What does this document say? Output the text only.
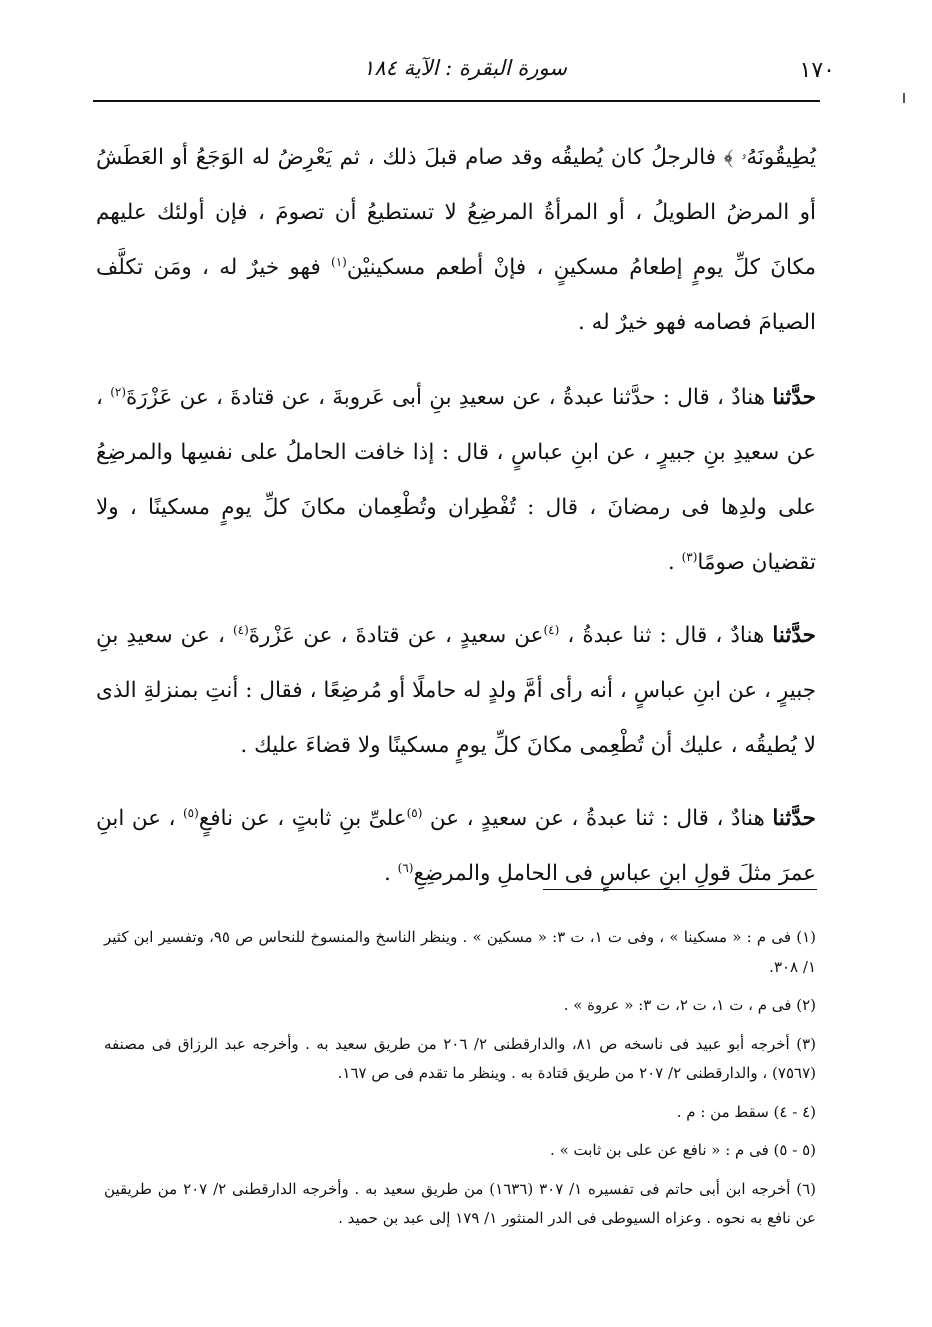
١٧٠
سورة البقرة : الآية ١٨٤

يُطِيقُونَهُۥ ﴾ فالرجلُ كان يُطيقُه وقد صام قبلَ ذلك ، ثم يَعْرِضُ له الوَجَعُ أو العَطَشُ أو المرضُ الطويلُ ، أو المرأةُ المرضِعُ لا تستطيعُ أن تصومَ ، فإن أولئك عليهم مكانَ كلِّ يومٍ إطعامُ مسكينٍ ، فإنْ أطعم مسكينيْن$^{(١)}$ فهو خيرٌ له ، ومَن تكلَّف الصيامَ فصامه فهو خيرٌ له .

حدَّثنا هنادٌ ، قال : حدَّثنا عبدةُ ، عن سعيدِ بنِ أبى عَروبةَ ، عن قتادةَ ، عن عَزْرَةَ$^{(٢)}$ ، عن سعيدِ بنِ جبيرٍ ، عن ابنِ عباسٍ ، قال : إذا خافت الحاملُ على نفسِها والمرضِعُ على ولدِها فى رمضانَ ، قال : تُفْطِران وتُطْعِمان مكانَ كلِّ يومٍ مسكينًا ، ولا تقضيان صومًا$^{(٣)}$ .

حدَّثنا هنادٌ ، قال : ثنا عبدةُ ، $^{(٤)}$عن سعيدٍ ، عن قتادةَ ، عن عَزْرةَ$^{(٤)}$ ، عن سعيدِ بنِ جبيرٍ ، عن ابنِ عباسٍ ، أنه رأى أمَّ ولدٍ له حاملًا أو مُرضِعًا ، فقال : أنتِ بمنزلةِ الذى لا يُطيقُه ، عليك أن تُطْعِمى مكانَ كلِّ يومٍ مسكينًا ولا قضاءَ عليك .

حدَّثنا هنادٌ ، قال : ثنا عبدةُ ، عن سعيدٍ ، عن $^{(٥)}$علىِّ بنِ ثابتٍ ، عن نافعٍ$^{(٥)}$ ، عن ابنِ عمرَ مثلَ قولِ ابنِ عباسٍ فى الحاملِ والمرضِعِ$^{(٦)}$ .

(١) فى م : « مسكينا » ، وفى ت ١، ت ٣: « مسكين » . وينظر الناسخ والمنسوخ للنحاس ص ٩٥، وتفسير ابن كثير ١/ ٣٠٨.

(٢) فى م ، ت ١، ت ٢، ت ٣: « عروة » .

(٣) أخرجه أبو عبيد فى ناسخه ص ٨١، والدارقطنى ٢/ ٢٠٦ من طريق سعيد به . وأخرجه عبد الرزاق فى مصنفه (٧٥٦٧) ، والدارقطنى ٢/ ٢٠٧ من طريق قتادة به . وينظر ما تقدم فى ص ١٦٧.

(٤ - ٤) سقط من : م .

(٥ - ٥) فى م : « نافع عن على بن ثابت » .

(٦) أخرجه ابن أبى حاتم فى تفسيره ١/ ٣٠٧ (١٦٣٦) من طريق سعيد به . وأخرجه الدارقطنى ٢/ ٢٠٧ من طريقين عن نافع به نحوه . وعزاه السيوطى فى الدر المنثور ١/ ١٧٩ إلى عبد بن حميد .
